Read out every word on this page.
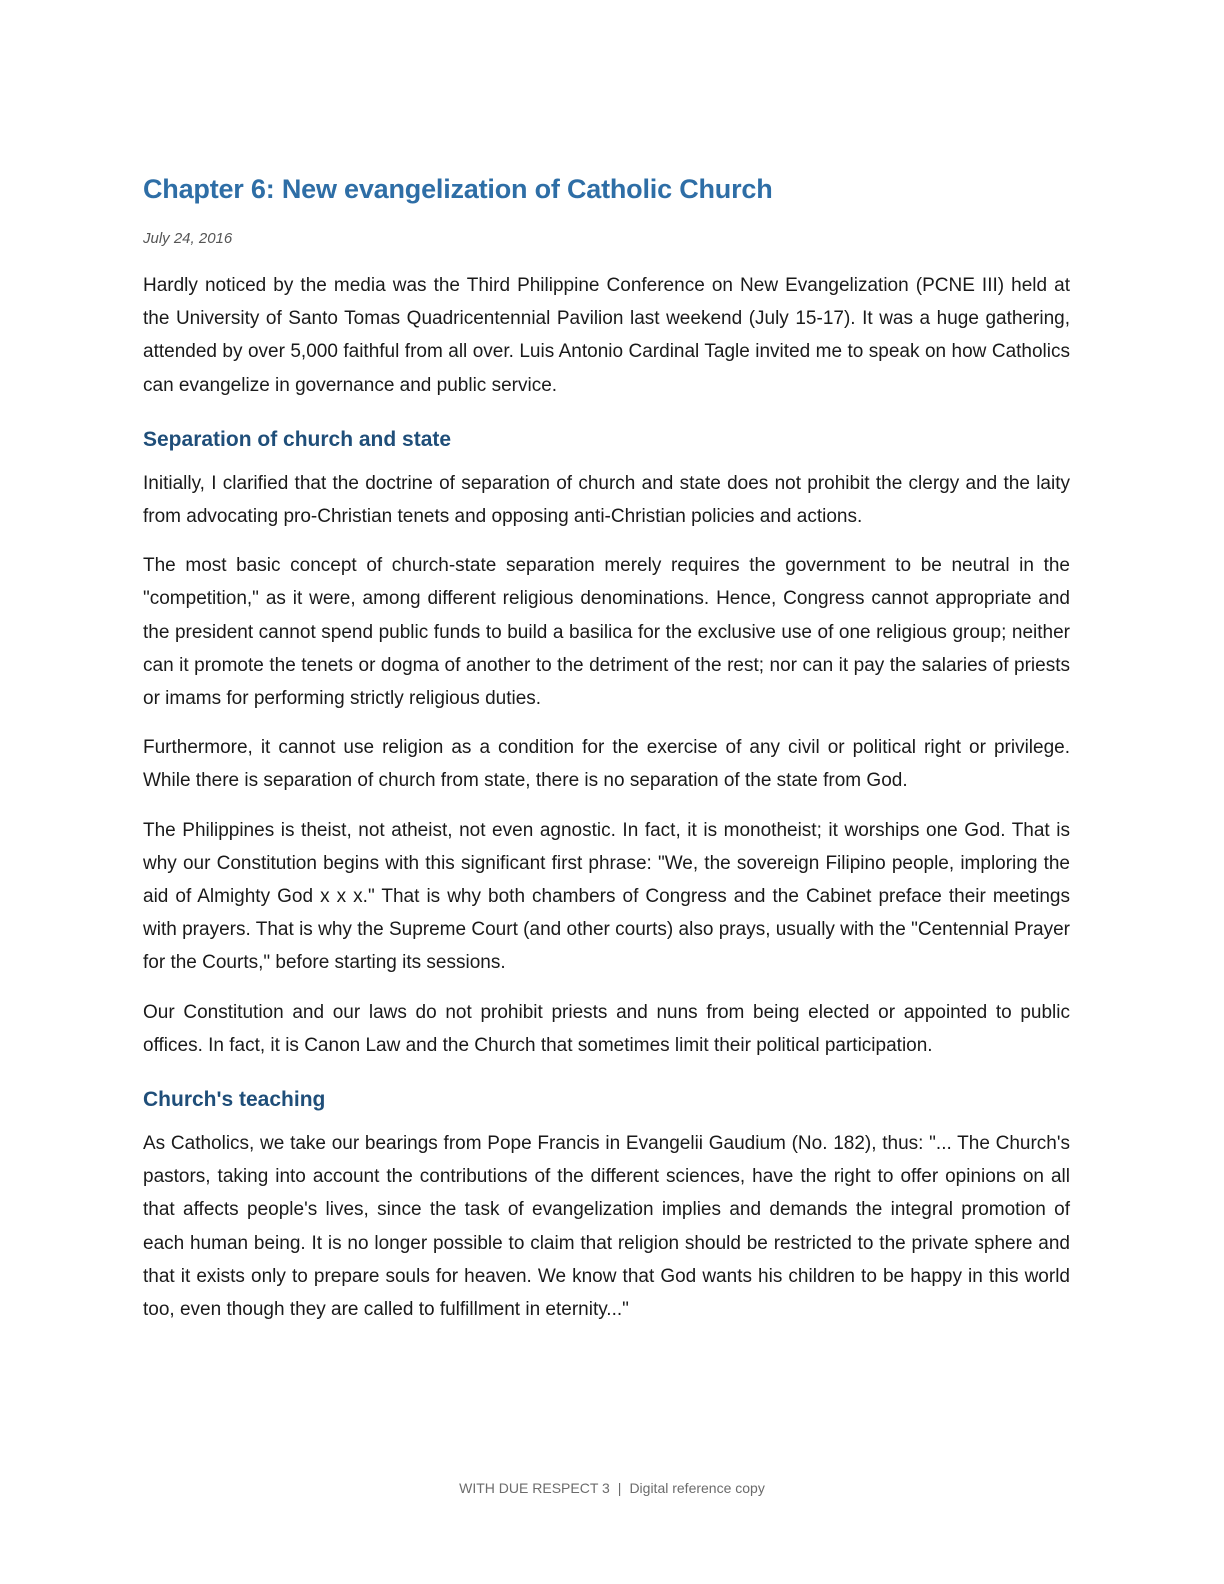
Chapter 6: New evangelization of Catholic Church

July 24, 2016

Hardly noticed by the media was the Third Philippine Conference on New Evangelization (PCNE III) held at the University of Santo Tomas Quadricentennial Pavilion last weekend (July 15-17). It was a huge gathering, attended by over 5,000 faithful from all over. Luis Antonio Cardinal Tagle invited me to speak on how Catholics can evangelize in governance and public service.

Separation of church and state

Initially, I clarified that the doctrine of separation of church and state does not prohibit the clergy and the laity from advocating pro-Christian tenets and opposing anti-Christian policies and actions.

The most basic concept of church-state separation merely requires the government to be neutral in the "competition," as it were, among different religious denominations. Hence, Congress cannot appropriate and the president cannot spend public funds to build a basilica for the exclusive use of one religious group; neither can it promote the tenets or dogma of another to the detriment of the rest; nor can it pay the salaries of priests or imams for performing strictly religious duties.

Furthermore, it cannot use religion as a condition for the exercise of any civil or political right or privilege. While there is separation of church from state, there is no separation of the state from God.

The Philippines is theist, not atheist, not even agnostic. In fact, it is monotheist; it worships one God. That is why our Constitution begins with this significant first phrase: "We, the sovereign Filipino people, imploring the aid of Almighty God x x x." That is why both chambers of Congress and the Cabinet preface their meetings with prayers. That is why the Supreme Court (and other courts) also prays, usually with the "Centennial Prayer for the Courts," before starting its sessions.

Our Constitution and our laws do not prohibit priests and nuns from being elected or appointed to public offices. In fact, it is Canon Law and the Church that sometimes limit their political participation.

Church's teaching

As Catholics, we take our bearings from Pope Francis in Evangelii Gaudium (No. 182), thus: "... The Church's pastors, taking into account the contributions of the different sciences, have the right to offer opinions on all that affects people's lives, since the task of evangelization implies and demands the integral promotion of each human being. It is no longer possible to claim that religion should be restricted to the private sphere and that it exists only to prepare souls for heaven. We know that God wants his children to be happy in this world too, even though they are called to fulfillment in eternity..."

WITH DUE RESPECT 3 | Digital reference copy
